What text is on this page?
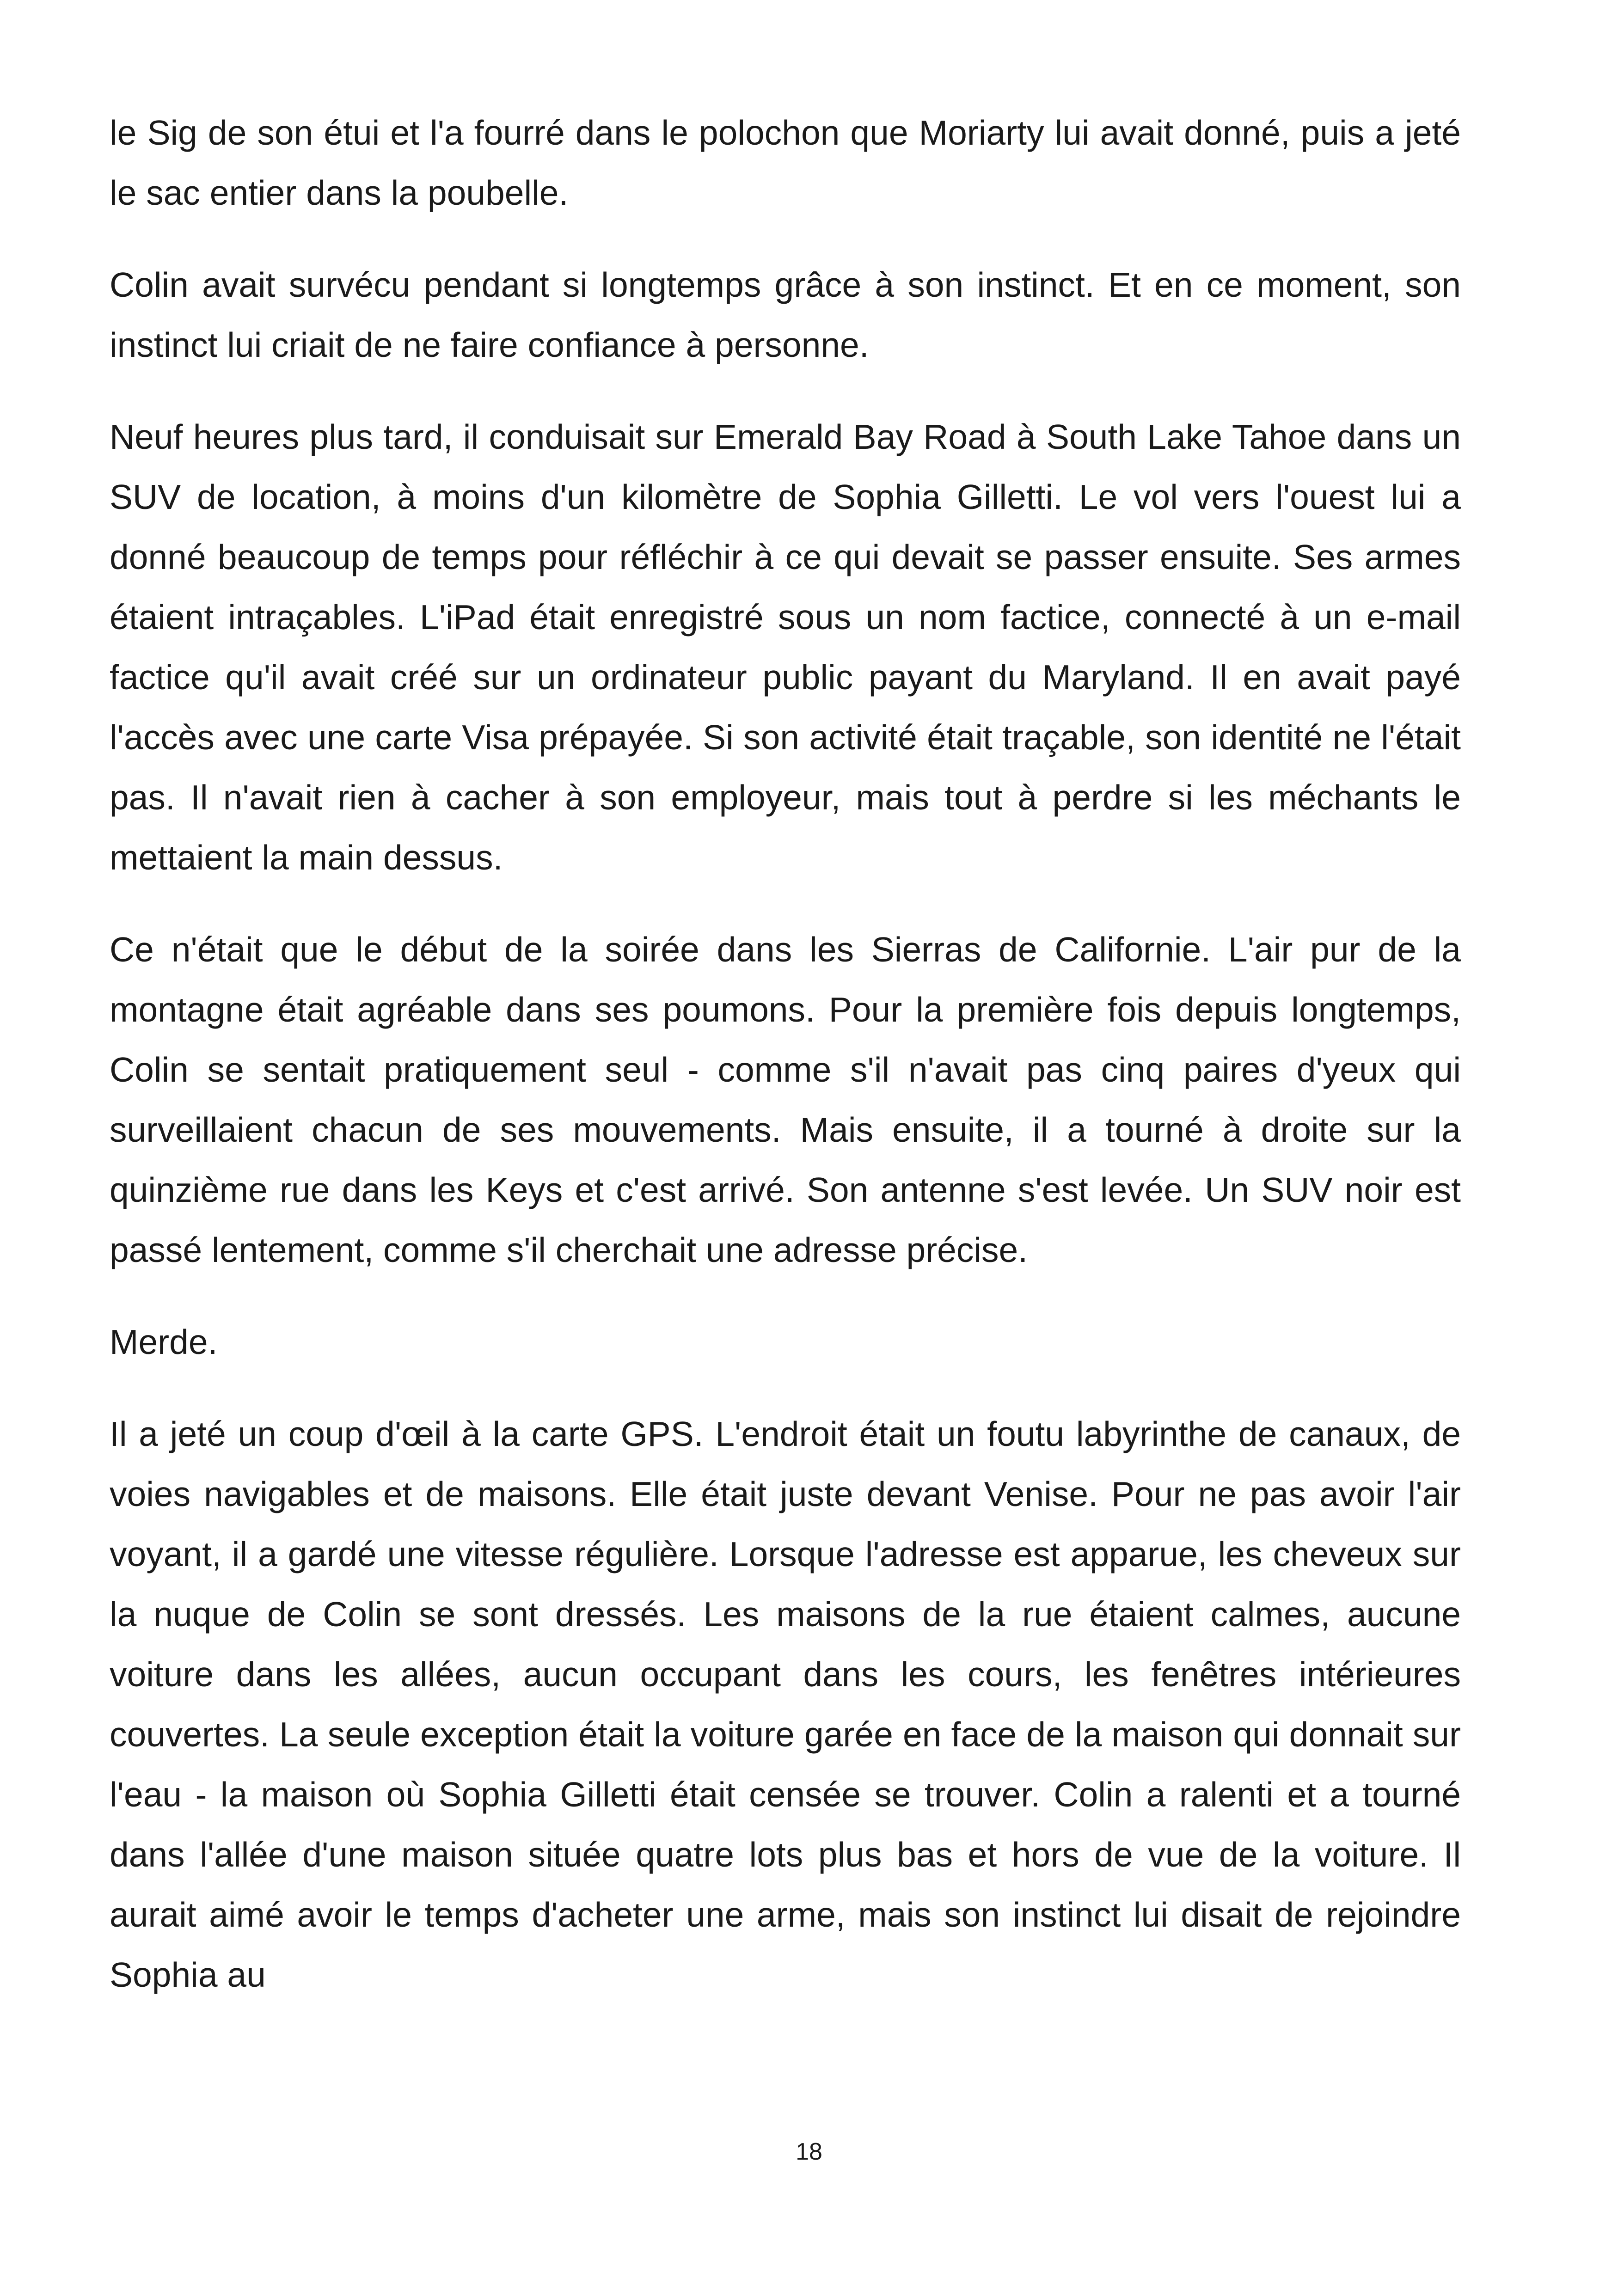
le Sig de son étui et l'a fourré dans le polochon que Moriarty lui avait donné, puis a jeté le sac entier dans la poubelle.

Colin avait survécu pendant si longtemps grâce à son instinct. Et en ce moment, son instinct lui criait de ne faire confiance à personne.

Neuf heures plus tard, il conduisait sur Emerald Bay Road à South Lake Tahoe dans un SUV de location, à moins d'un kilomètre de Sophia Gilletti. Le vol vers l'ouest lui a donné beaucoup de temps pour réfléchir à ce qui devait se passer ensuite. Ses armes étaient intraçables. L'iPad était enregistré sous un nom factice, connecté à un e-mail factice qu'il avait créé sur un ordinateur public payant du Maryland. Il en avait payé l'accès avec une carte Visa prépayée. Si son activité était traçable, son identité ne l'était pas. Il n'avait rien à cacher à son employeur, mais tout à perdre si les méchants le mettaient la main dessus.

Ce n'était que le début de la soirée dans les Sierras de Californie. L'air pur de la montagne était agréable dans ses poumons. Pour la première fois depuis longtemps, Colin se sentait pratiquement seul - comme s'il n'avait pas cinq paires d'yeux qui surveillaient chacun de ses mouvements. Mais ensuite, il a tourné à droite sur la quinzième rue dans les Keys et c'est arrivé. Son antenne s'est levée. Un SUV noir est passé lentement, comme s'il cherchait une adresse précise.

Merde.

Il a jeté un coup d'œil à la carte GPS. L'endroit était un foutu labyrinthe de canaux, de voies navigables et de maisons. Elle était juste devant Venise. Pour ne pas avoir l'air voyant, il a gardé une vitesse régulière. Lorsque l'adresse est apparue, les cheveux sur la nuque de Colin se sont dressés. Les maisons de la rue étaient calmes, aucune voiture dans les allées, aucun occupant dans les cours, les fenêtres intérieures couvertes. La seule exception était la voiture garée en face de la maison qui donnait sur l'eau - la maison où Sophia Gilletti était censée se trouver. Colin a ralenti et a tourné dans l'allée d'une maison située quatre lots plus bas et hors de vue de la voiture. Il aurait aimé avoir le temps d'acheter une arme, mais son instinct lui disait de rejoindre Sophia au

18
